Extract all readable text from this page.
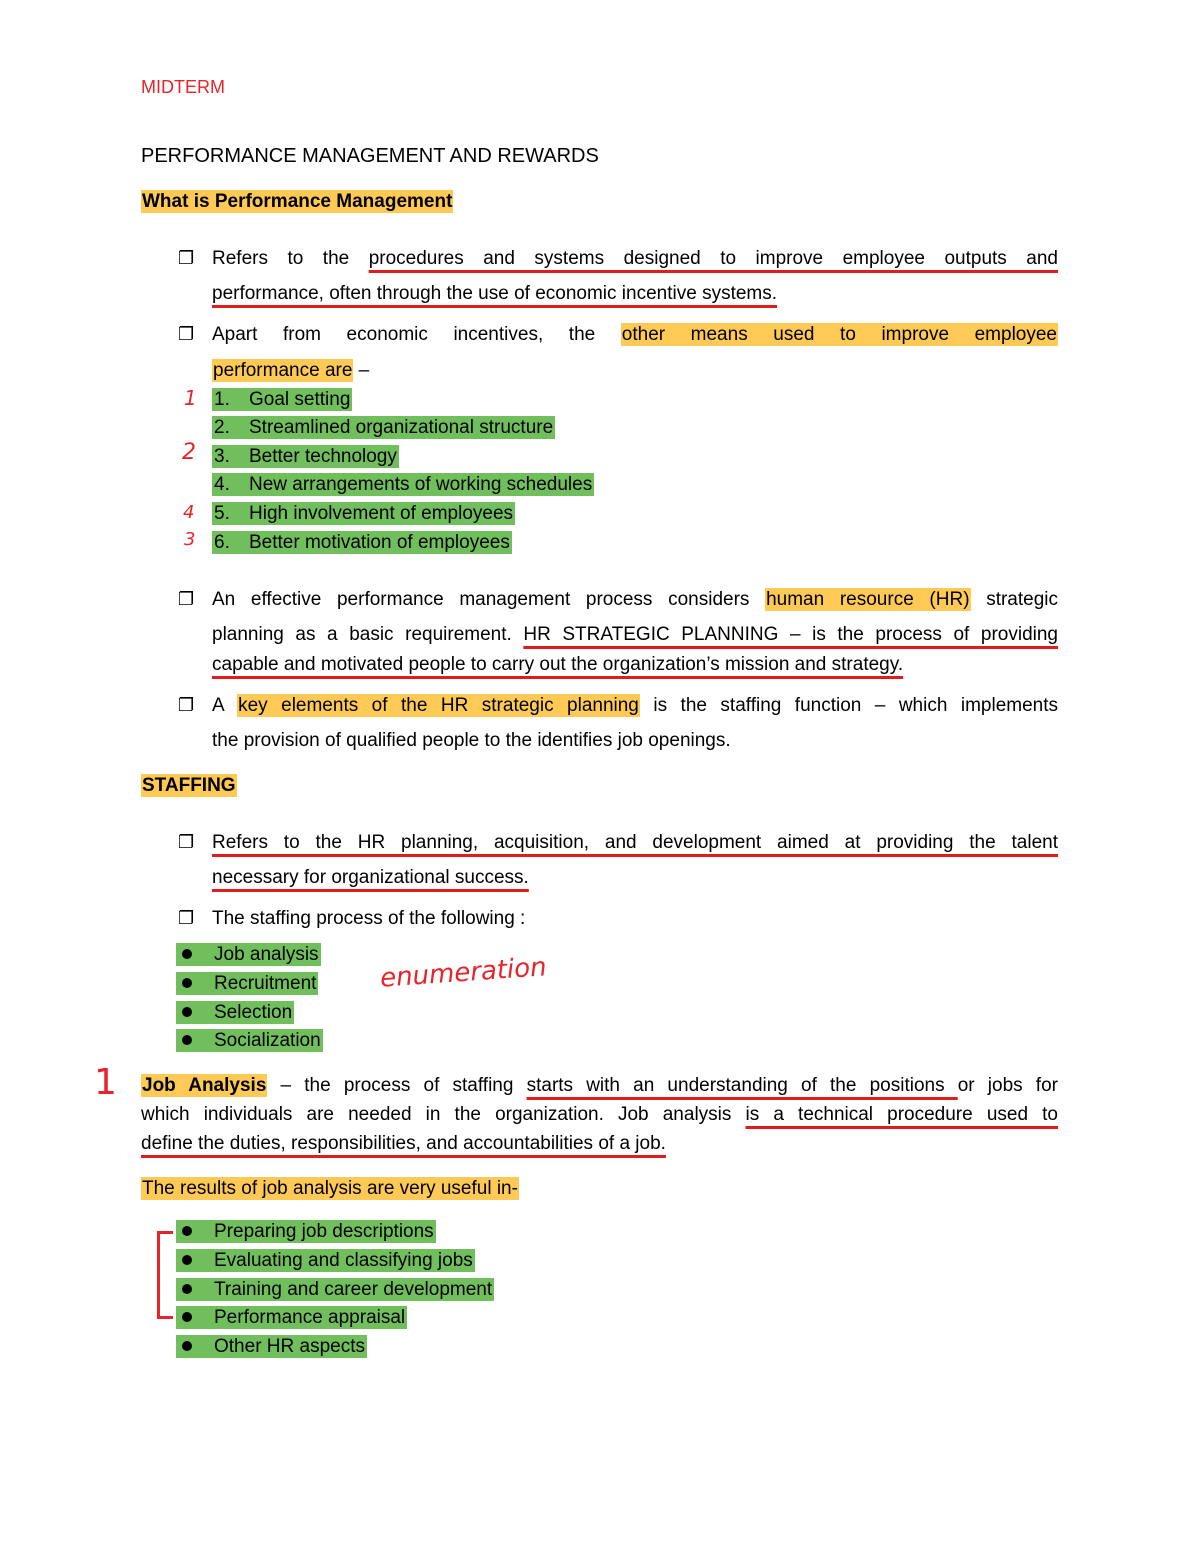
MIDTERM
PERFORMANCE MANAGEMENT AND REWARDS
What is Performance Management
❐ Refers to the procedures and systems designed to improve employee outputs and
performance, often through the use of economic incentive systems.
❐ Apart from economic incentives, the other means used to improve employee
performance are –
1. Goal setting
2. Streamlined organizational structure
3. Better technology
4. New arrangements of working schedules
5. High involvement of employees
6. Better motivation of employees
1
2
4
3
❐ An effective performance management process considers human resource (HR) strategic
planning as a basic requirement. HR STRATEGIC PLANNING – is the process of providing
capable and motivated people to carry out the organization’s mission and strategy.
❐ A key elements of the HR strategic planning is the staffing function – which implements
the provision of qualified people to the identifies job openings.
STAFFING
❐ Refers to the HR planning, acquisition, and development aimed at providing the talent
necessary for organizational success.
❐ The staffing process of the following :
Job analysis
Recruitment
Selection
Socialization
enumeration
1 Job Analysis – the process of staffing starts with an understanding of the positions or jobs for
which individuals are needed in the organization. Job analysis is a technical procedure used to
define the duties, responsibilities, and accountabilities of a job.
The results of job analysis are very useful in-
Preparing job descriptions
Evaluating and classifying jobs
Training and career development
Performance appraisal
Other HR aspects
